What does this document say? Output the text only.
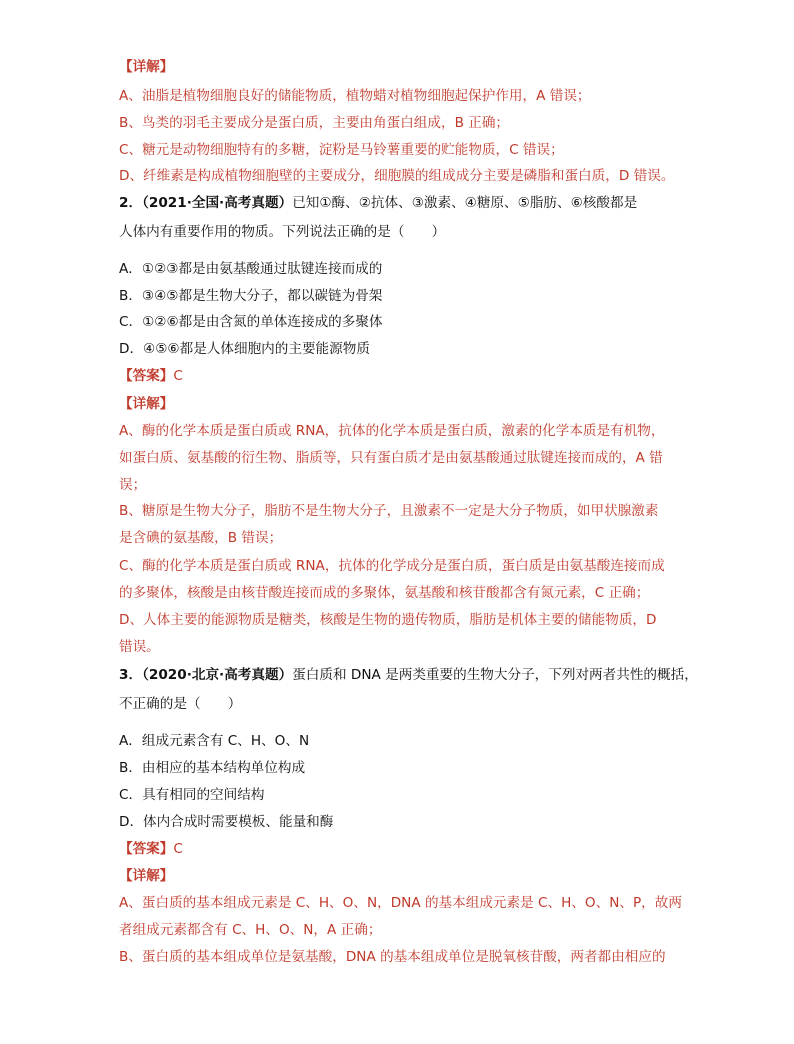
【详解】
A、油脂是植物细胞良好的储能物质，植物蜡对植物细胞起保护作用，A 错误；
B、鸟类的羽毛主要成分是蛋白质，主要由角蛋白组成，B 正确；
C、糖元是动物细胞特有的多糖，淀粉是马铃薯重要的贮能物质，C 错误；
D、纤维素是构成植物细胞壁的主要成分，细胞膜的组成成分主要是磷脂和蛋白质，D 错误。
2．（2021·全国·高考真题）已知①酶、②抗体、③激素、④糖原、⑤脂肪、⑥核酸都是
人体内有重要作用的物质。下列说法正确的是（　　）
A．①②③都是由氨基酸通过肽键连接而成的
B．③④⑤都是生物大分子，都以碳链为骨架
C．①②⑥都是由含氮的单体连接成的多聚体
D．④⑤⑥都是人体细胞内的主要能源物质
【答案】C
【详解】
A、酶的化学本质是蛋白质或 RNA，抗体的化学本质是蛋白质，激素的化学本质是有机物，
如蛋白质、氨基酸的衍生物、脂质等，只有蛋白质才是由氨基酸通过肽键连接而成的，A 错
误；
B、糖原是生物大分子，脂肪不是生物大分子，且激素不一定是大分子物质，如甲状腺激素
是含碘的氨基酸，B 错误；
C、酶的化学本质是蛋白质或 RNA，抗体的化学成分是蛋白质，蛋白质是由氨基酸连接而成
的多聚体，核酸是由核苷酸连接而成的多聚体，氨基酸和核苷酸都含有氮元素，C 正确；
D、人体主要的能源物质是糖类，核酸是生物的遗传物质，脂肪是机体主要的储能物质，D
错误。
3．（2020·北京·高考真题）蛋白质和 DNA 是两类重要的生物大分子，下列对两者共性的概括，
不正确的是（　　）
A．组成元素含有 C、H、O、N
B．由相应的基本结构单位构成
C．具有相同的空间结构
D．体内合成时需要模板、能量和酶
【答案】C
【详解】
A、蛋白质的基本组成元素是 C、H、O、N，DNA 的基本组成元素是 C、H、O、N、P，故两
者组成元素都含有 C、H、O、N，A 正确；
B、蛋白质的基本组成单位是氨基酸，DNA 的基本组成单位是脱氧核苷酸，两者都由相应的
